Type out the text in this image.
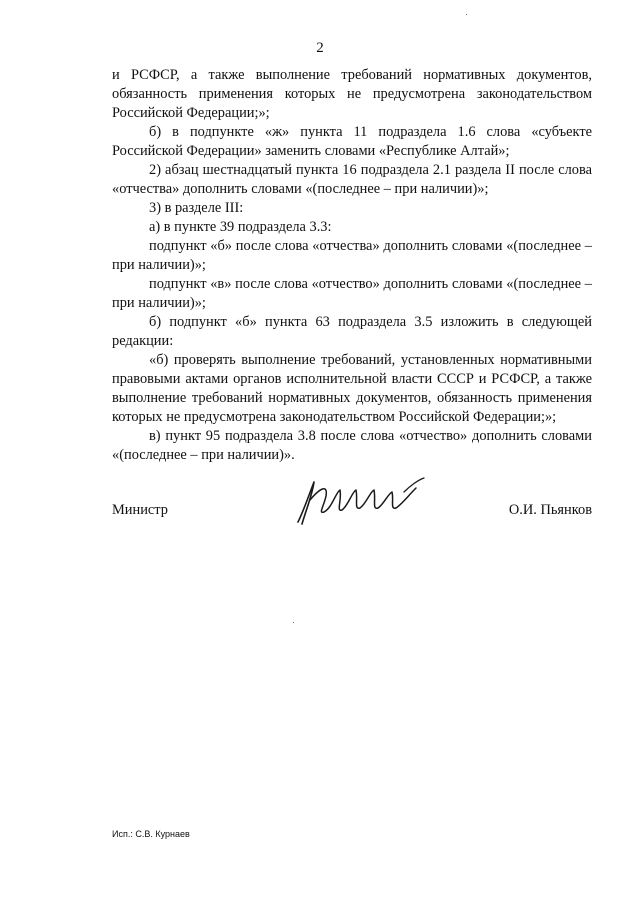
2

и РСФСР, а также выполнение требований нормативных документов, обязанность применения которых не предусмотрена законодательством Российской Федерации;»;

б) в подпункте «ж» пункта 11 подраздела 1.6 слова «субъекте Российской Федерации» заменить словами «Республике Алтай»;

2) абзац шестнадцатый пункта 16 подраздела 2.1 раздела II после слова «отчества» дополнить словами «(последнее – при наличии)»;

3) в разделе III:

а) в пункте 39 подраздела 3.3:

подпункт «б» после слова «отчества» дополнить словами «(последнее – при наличии)»;

подпункт «в» после слова «отчество» дополнить словами «(последнее – при наличии)»;

б) подпункт «б» пункта 63 подраздела 3.5 изложить в следующей редакции:

«б) проверять выполнение требований, установленных нормативными правовыми актами органов исполнительной власти СССР и РСФСР, а также выполнение требований нормативных документов, обязанность применения которых не предусмотрена законодательством Российской Федерации;»;

в) пункт 95 подраздела 3.8 после слова «отчество» дополнить словами «(последнее – при наличии)».

Министр	О.И. Пьянков
Исп.: С.В. Курнаев
